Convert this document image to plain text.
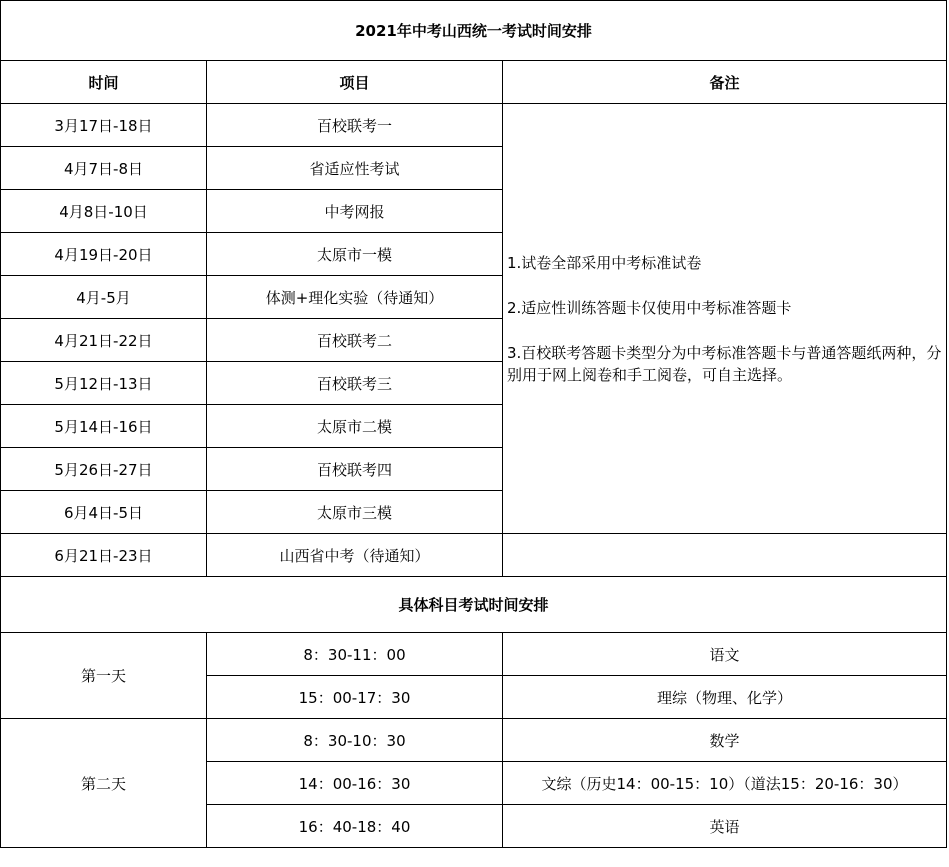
2021年中考山西统一考试时间安排		
时间	项目	备注
3月17日-18日	百校联考一	1.试卷全部采用中考标准试卷
2.适应性训练答题卡仅使用中考标准答题卡
3.百校联考答题卡类型分为中考标准答题卡与普通答题纸两种，分别用于网上阅卷和手工阅卷，可自主选择。

4月7日-8日	省适应性考试	
4月8日-10日	中考网报	
4月19日-20日	太原市一模	
4月-5月	体测+理化实验（待通知）	
4月21日-22日	百校联考二	
5月12日-13日	百校联考三	
5月14日-16日	太原市二模	
5月26日-27日	百校联考四	
6月4日-5日	太原市三模	
6月21日-23日	山西省中考（待通知）	
具体科目考试时间安排		
第一天	8：30-11：00	语文
	15：00-17：30	理综（物理、化学）
第二天	8：30-10：30	数学
	14：00-16：30	文综（历史14：00-15：10）（道法15：20-16：30）
	16：40-18：40	英语
